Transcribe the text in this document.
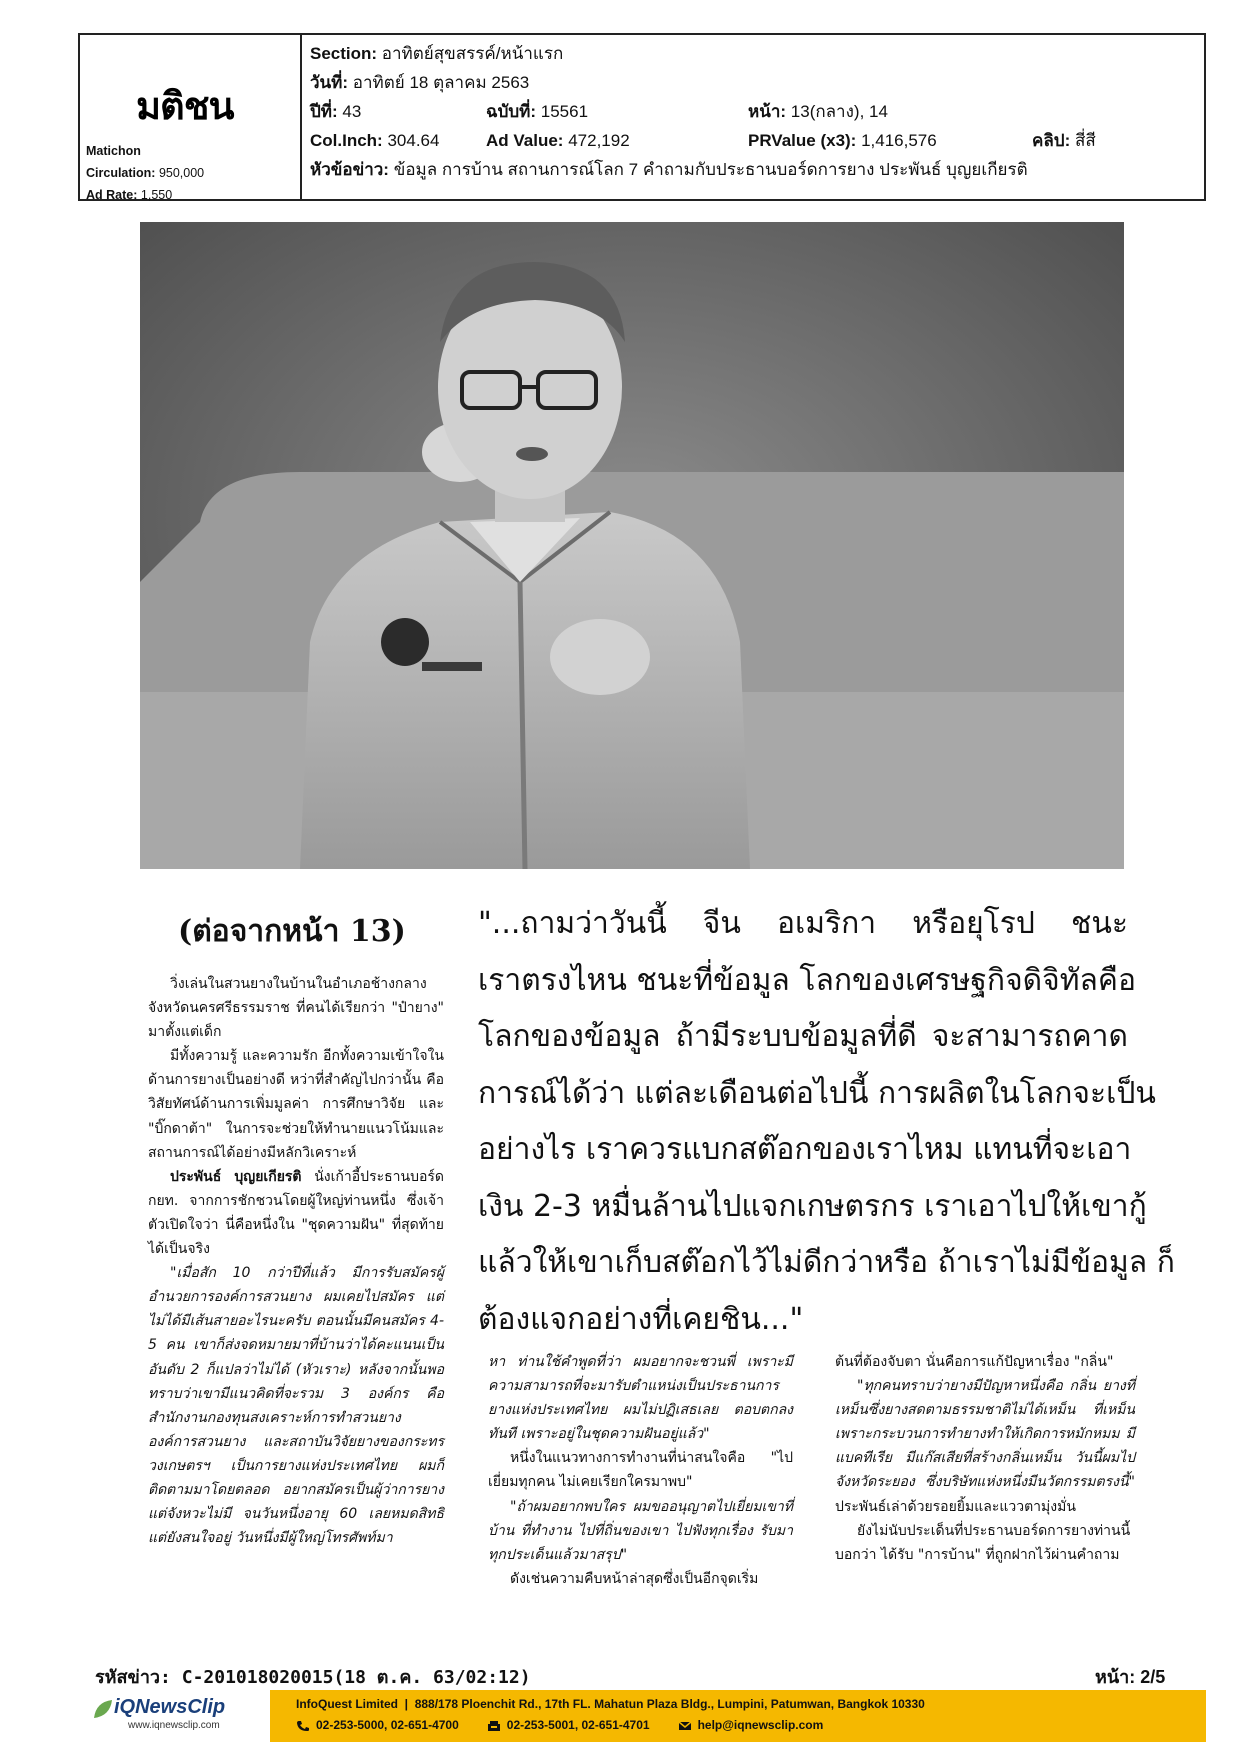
มติชน
Matichon
Circulation: 950,000
Ad Rate: 1,550
Section: อาทิตย์สุขสรรค์/หน้าแรก
วันที่: อาทิตย์ 18 ตุลาคม 2563
ปีที่: 43	ฉบับที่: 15561	หน้า: 13(กลาง), 14
Col.Inch: 304.64	Ad Value: 472,192	PRValue (x3): 1,416,576	คลิป: สี่สี
หัวข้อข่าว: ข้อมูล การบ้าน สถานการณ์โลก 7 คำถามกับประธานบอร์ดการยาง ประพันธ์ บุญยเกียรติ
(ต่อจากหน้า 13) "...ถามว่าวันนี้ จีน อเมริกา หรือยุโรป ชนะ

เราตรงไหน ชนะที่ข้อมูล โลกของเศรษฐกิจดิจิทัลคือ

โลกของข้อมูล ถ้ามีระบบข้อมูลที่ดี จะสามารถคาด

การณ์ได้ว่า แต่ละเดือนต่อไปนี้ การผลิตในโลกจะเป็น

อย่างไร เราควรแบกสต๊อกของเราไหม แทนที่จะเอา

เงิน 2-3 หมื่นล้านไปแจกเกษตรกร เราเอาไปให้เขากู้

แล้วให้เขาเก็บสต๊อกไว้ไม่ดีกว่าหรือ ถ้าเราไม่มีข้อมูล ก็

ต้องแจกอย่างที่เคยชิน..."

วิ่งเล่นในสวนยางในบ้านในอำเภอช้างกลาง จังหวัดนครศรีธรรมราช ที่คนได้เรียกว่า "ป๋ายาง" มาตั้งแต่เด็ก

มีทั้งความรู้ และความรัก อีกทั้งความเข้าใจในด้านการยางเป็นอย่างดี หว่าที่สำคัญไปกว่านั้น คือวิสัยทัศน์ด้านการเพิ่มมูลค่า การศึกษาวิจัย และ "บิ๊กดาต้า" ในการจะช่วยให้ทำนายแนวโน้มและสถานการณ์ได้อย่างมีหลักวิเคราะห์

ประพันธ์ บุญยเกียรติ นั่งเก้าอี้ประธานบอร์ด กยท. จากการชักชวนโดยผู้ใหญ่ท่านหนึ่ง ซึ่งเจ้าตัวเปิดใจว่า นี่คือหนึ่งใน "ชุดความฝัน" ที่สุดท้ายได้เป็นจริง

"เมื่อสัก 10 กว่าปีที่แล้ว มีการรับสมัครผู้อำนวยการองค์การสวนยาง ผมเคยไปสมัคร แต่ไม่ได้มีเส้นสายอะไรนะครับ ตอนนั้นมีคนสมัคร 4-5 คน เขาก็ส่งจดหมายมาที่บ้านว่าได้คะแนนเป็นอันดับ 2 ก็แปลว่าไม่ได้ (หัวเราะ) หลังจากนั้นพอทราบว่าเขามีแนวคิดที่จะรวม 3 องค์กร คือ สำนักงานกองทุนสงเคราะห์การทำสวนยาง องค์การสวนยาง และสถาบันวิจัยยางของกระทรวงเกษตรฯ เป็นการยางแห่งประเทศไทย ผมก็ติดตามมาโดยตลอด อยากสมัครเป็นผู้ว่าการยาง แต่จังหวะไม่มี จนวันหนึ่งอายุ 60 เลยหมดสิทธิ แต่ยังสนใจอยู่ วันหนึ่งมีผู้ใหญ่โทรศัพท์มา

หา ท่านใช้คำพูดที่ว่า ผมอยากจะชวนพี่ เพราะมีความสามารถที่จะมารับตำแหน่งเป็นประธานการยางแห่งประเทศไทย ผมไม่ปฏิเสธเลย ตอบตกลงทันที เพราะอยู่ในชุดความฝันอยู่แล้ว"

หนึ่งในแนวทางการทำงานที่น่าสนใจคือ "ไปเยี่ยมทุกคน ไม่เคยเรียกใครมาพบ"

"ถ้าผมอยากพบใคร ผมขออนุญาตไปเยี่ยมเขาที่บ้าน ที่ทำงาน ไปที่ถิ่นของเขา ไปฟังทุกเรื่อง รับมาทุกประเด็นแล้วมาสรุป"

ดังเช่นความคืบหน้าล่าสุดซึ่งเป็นอีกจุดเริ่ม

ต้นที่ต้องจับตา นั่นคือการแก้ปัญหาเรื่อง "กลิ่น"

"ทุกคนทราบว่ายางมีปัญหาหนึ่งคือ กลิ่น ยางที่เหม็นซึ่งยางสดตามธรรมชาติไม่ได้เหม็น ที่เหม็นเพราะกระบวนการทำยางทำให้เกิดการหมักหมม มีแบคทีเรีย มีแก๊สเสียที่สร้างกลิ่นเหม็น วันนี้ผมไปจังหวัดระยอง ซึ่งบริษัทแห่งหนึ่งมีนวัตกรรมตรงนี้" ประพันธ์เล่าด้วยรอยยิ้มและแววตามุ่งมั่น

ยังไม่นับประเด็นที่ประธานบอร์ดการยางท่านนี้บอกว่า ได้รับ "การบ้าน" ที่ถูกฝากไว้ผ่านคำถาม

รหัสข่าว: C-201018020015(18 ต.ค. 63/02:12)	หน้า: 2/5
iQNewsClip
www.iqnewsclip.com
InfoQuest Limited  |  888/178 Ploenchit Rd., 17th FL. Mahatun Plaza Bldg., Lumpini, Patumwan, Bangkok 10330
02-253-5000, 02-651-4700	02-253-5001, 02-651-4701	help@iqnewsclip.com
